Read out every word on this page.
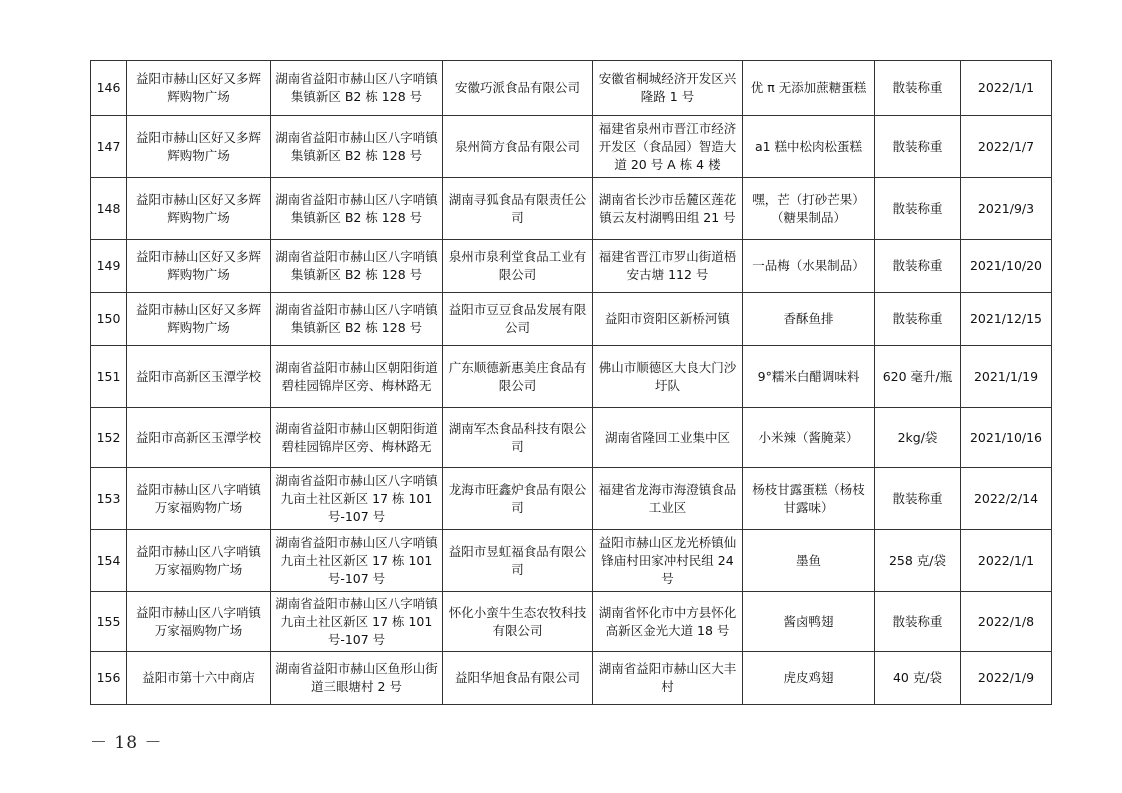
146	益阳市赫山区好又多辉辉购物广场	湖南省益阳市赫山区八字哨镇集镇新区 B2 栋 128 号	安徽巧派食品有限公司	安徽省桐城经济开发区兴隆路 1 号	优 π 无添加蔗糖蛋糕	散装称重	2022/1/1
147	益阳市赫山区好又多辉辉购物广场	湖南省益阳市赫山区八字哨镇集镇新区 B2 栋 128 号	泉州简方食品有限公司	福建省泉州市晋江市经济开发区（食品园）智造大道 20 号 A 栋 4 楼	a1 糕中松肉松蛋糕	散装称重	2022/1/7
148	益阳市赫山区好又多辉辉购物广场	湖南省益阳市赫山区八字哨镇集镇新区 B2 栋 128 号	湖南寻狐食品有限责任公司	湖南省长沙市岳麓区莲花镇云友村湖鸭田组 21 号	嘿，芒（打砂芒果）（糖果制品）	散装称重	2021/9/3
149	益阳市赫山区好又多辉辉购物广场	湖南省益阳市赫山区八字哨镇集镇新区 B2 栋 128 号	泉州市泉利堂食品工业有限公司	福建省晋江市罗山街道梧安古塘 112 号	一品梅（水果制品）	散装称重	2021/10/20
150	益阳市赫山区好又多辉辉购物广场	湖南省益阳市赫山区八字哨镇集镇新区 B2 栋 128 号	益阳市豆豆食品发展有限公司	益阳市资阳区新桥河镇	香酥鱼排	散装称重	2021/12/15
151	益阳市高新区玉潭学校	湖南省益阳市赫山区朝阳街道碧桂园锦岸区旁、梅林路无	广东顺德新惠美庄食品有限公司	佛山市顺德区大良大门沙圩队	9°糯米白醋调味料	620 毫升/瓶	2021/1/19
152	益阳市高新区玉潭学校	湖南省益阳市赫山区朝阳街道碧桂园锦岸区旁、梅林路无	湖南军杰食品科技有限公司	湖南省隆回工业集中区	小米辣（酱腌菜）	2kg/袋	2021/10/16
153	益阳市赫山区八字哨镇万家福购物广场	湖南省益阳市赫山区八字哨镇九亩土社区新区 17 栋 101 号-107 号	龙海市旺鑫炉食品有限公司	福建省龙海市海澄镇食品工业区	杨枝甘露蛋糕（杨枝甘露味）	散装称重	2022/2/14
154	益阳市赫山区八字哨镇万家福购物广场	湖南省益阳市赫山区八字哨镇九亩土社区新区 17 栋 101 号-107 号	益阳市昱虹福食品有限公司	益阳市赫山区龙光桥镇仙锋庙村田家冲村民组 24 号	墨鱼	258 克/袋	2022/1/1
155	益阳市赫山区八字哨镇万家福购物广场	湖南省益阳市赫山区八字哨镇九亩土社区新区 17 栋 101 号-107 号	怀化小蛮牛生态农牧科技有限公司	湖南省怀化市中方县怀化高新区金光大道 18 号	酱卤鸭翅	散装称重	2022/1/8
156	益阳市第十六中商店	湖南省益阳市赫山区鱼形山街道三眼塘村 2 号	益阳华旭食品有限公司	湖南省益阳市赫山区大丰村	虎皮鸡翅	40 克/袋	2022/1/9
－ 18 －
